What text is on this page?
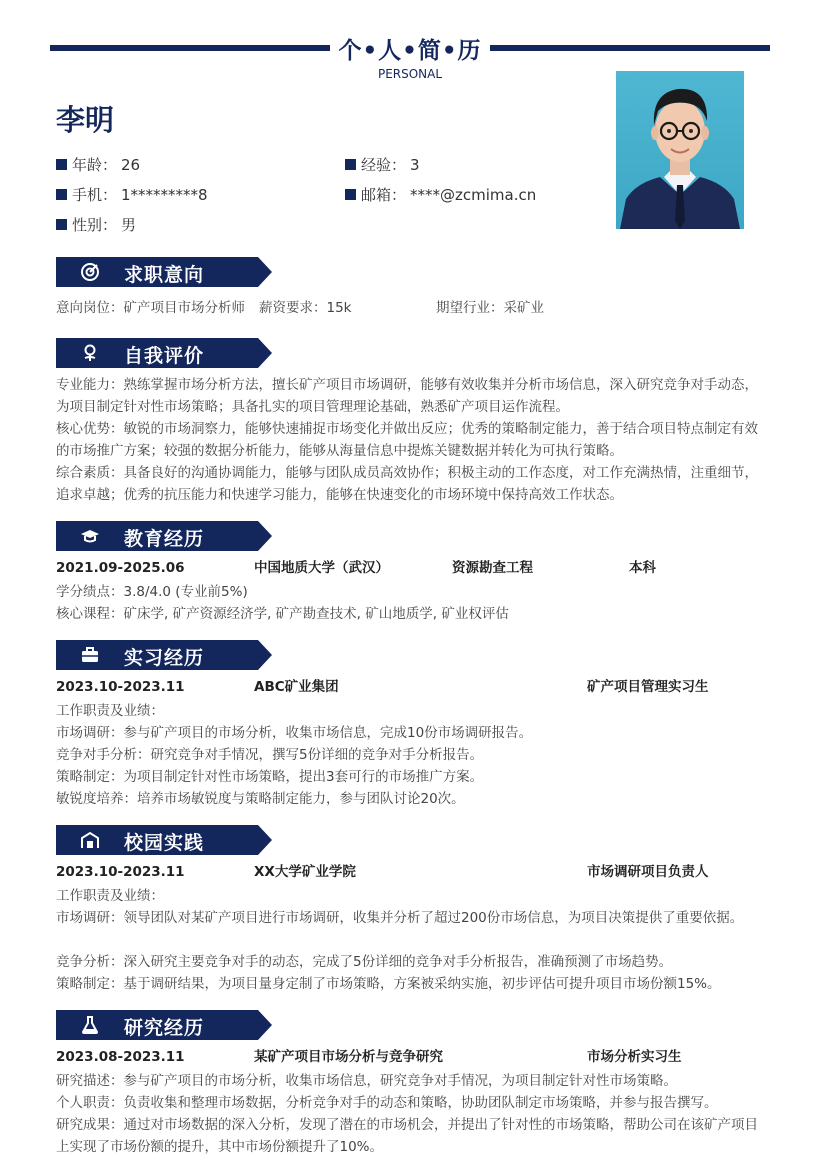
个•人•简•历
PERSONAL
李明
年龄： 26	经验： 3
手机： 1*********8	邮箱： ****@zcmima.cn
性别： 男
求职意向
意向岗位：矿产项目市场分析师 薪资要求：15k	期望行业：采矿业
自我评价
专业能力：熟练掌握市场分析方法，擅长矿产项目市场调研，能够有效收集并分析市场信息，深入研究竞争对手动态，为项目制定针对性市场策略；具备扎实的项目管理理论基础，熟悉矿产项目运作流程。
核心优势：敏锐的市场洞察力，能够快速捕捉市场变化并做出反应；优秀的策略制定能力，善于结合项目特点制定有效的市场推广方案；较强的数据分析能力，能够从海量信息中提炼关键数据并转化为可执行策略。
综合素质：具备良好的沟通协调能力，能够与团队成员高效协作；积极主动的工作态度，对工作充满热情，注重细节，追求卓越；优秀的抗压能力和快速学习能力，能够在快速变化的市场环境中保持高效工作状态。
教育经历
2021.09-2025.06	中国地质大学（武汉）	资源勘查工程	本科
学分绩点：3.8/4.0 (专业前5%)
核心课程：矿床学, 矿产资源经济学, 矿产勘查技术, 矿山地质学, 矿业权评估
实习经历
2023.10-2023.11	ABC矿业集团	矿产项目管理实习生
工作职责及业绩：
市场调研：参与矿产项目的市场分析，收集市场信息，完成10份市场调研报告。
竞争对手分析：研究竞争对手情况，撰写5份详细的竞争对手分析报告。
策略制定：为项目制定针对性市场策略，提出3套可行的市场推广方案。
敏锐度培养：培养市场敏锐度与策略制定能力，参与团队讨论20次。
校园实践
2023.10-2023.11	XX大学矿业学院	市场调研项目负责人
工作职责及业绩：
市场调研：领导团队对某矿产项目进行市场调研，收集并分析了超过200份市场信息，为项目决策提供了重要依据。
竞争分析：深入研究主要竞争对手的动态，完成了5份详细的竞争对手分析报告，准确预测了市场趋势。
策略制定：基于调研结果，为项目量身定制了市场策略，方案被采纳实施，初步评估可提升项目市场份额15%。
研究经历
2023.08-2023.11	某矿产项目市场分析与竞争研究	市场分析实习生
研究描述：参与矿产项目的市场分析，收集市场信息，研究竞争对手情况，为项目制定针对性市场策略。
个人职责：负责收集和整理市场数据，分析竞争对手的动态和策略，协助团队制定市场策略，并参与报告撰写。
研究成果：通过对市场数据的深入分析，发现了潜在的市场机会，并提出了针对性的市场策略，帮助公司在该矿产项目上实现了市场份额的提升，其中市场份额提升了10%。
